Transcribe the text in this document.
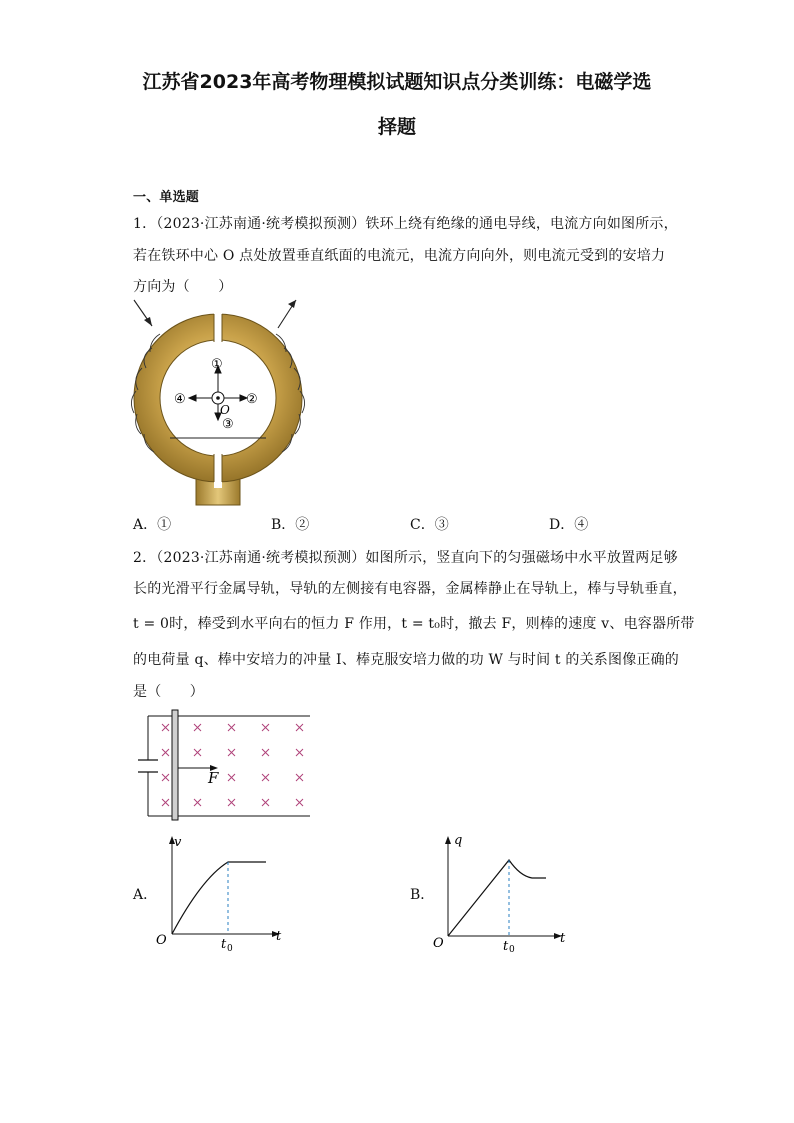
江苏省2023年高考物理模拟试题知识点分类训练：电磁学选
择题
一、单选题
1．（2023·江苏南通·统考模拟预测）铁环上绕有绝缘的通电导线，电流方向如图所示，
若在铁环中心 O 点处放置垂直纸面的电流元，电流方向向外，则电流元受到的安培力
方向为（　　）
①
②
③
④
O
A．①	B．②	C．③	D．④
2．（2023·江苏南通·统考模拟预测）如图所示，竖直向下的匀强磁场中水平放置两足够
长的光滑平行金属导轨，导轨的左侧接有电容器，金属棒静止在导轨上，棒与导轨垂直，
t = 0时，棒受到水平向右的恒力 F 作用，t = t₀时，撤去 F，则棒的速度 v、电容器所带
的电荷量 q、棒中安培力的冲量 I、棒克服安培力做的功 W 与时间 t 的关系图像正确的
是（　　）
F
A．
v
t
O	t 0
B．
q
t
O	t 0
